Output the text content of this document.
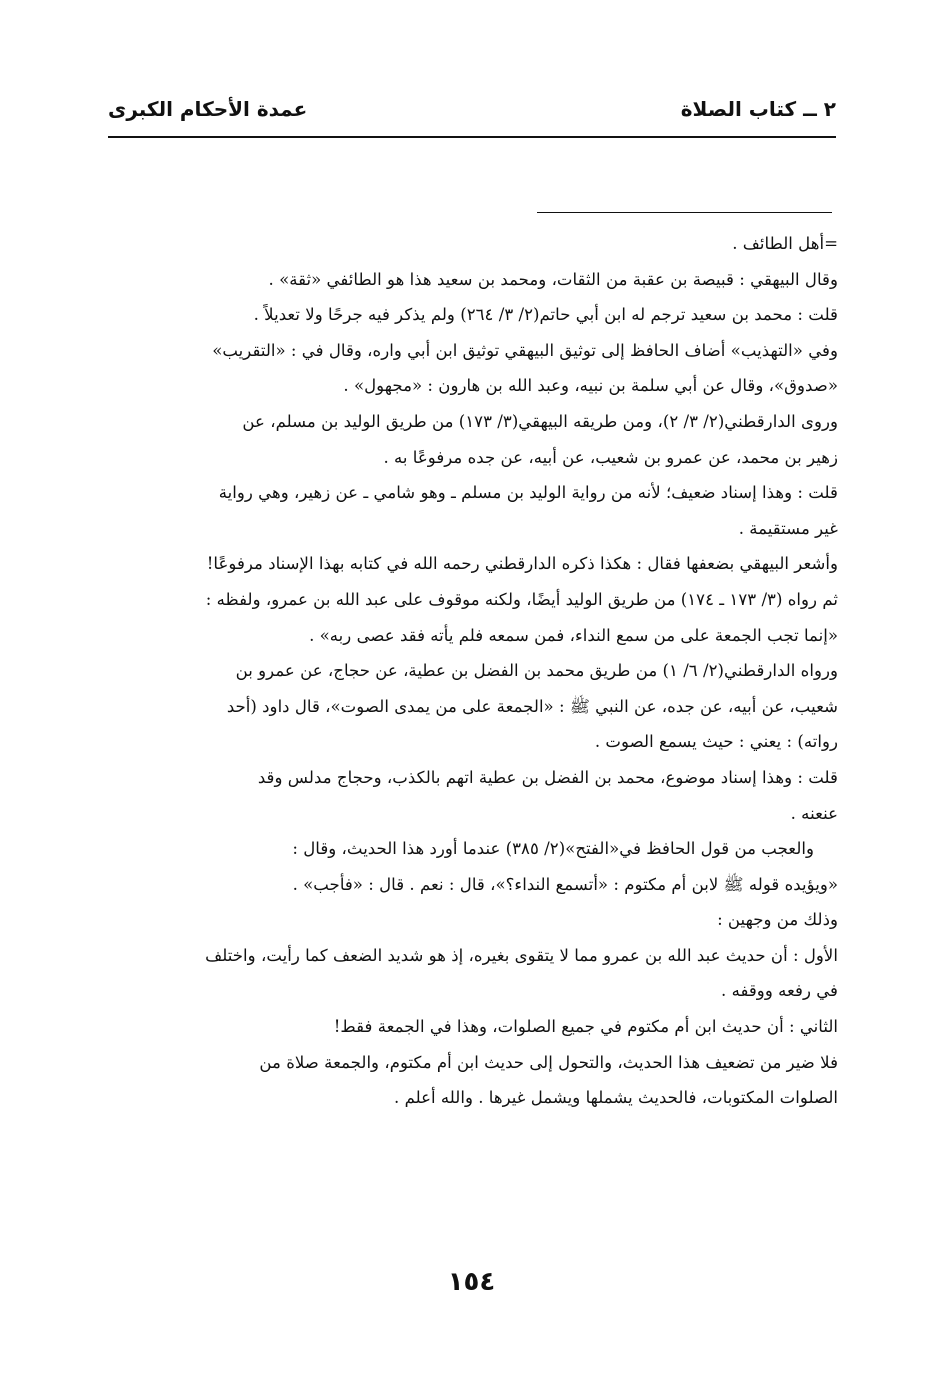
٢ ــ كتاب الصلاة
عمدة الأحكام الكبرى
=أهل الطائف .
وقال البيهقي : قبيصة بن عقبة من الثقات، ومحمد بن سعيد هذا هو الطائفي «ثقة» .
قلت : محمد بن سعيد ترجم له ابن أبي حاتم(٢/ ٣/ ٢٦٤) ولم يذكر فيه جرحًا ولا تعديلاً .
وفي «التهذيب» أضاف الحافظ إلى توثيق البيهقي توثيق ابن أبي واره، وقال في : «التقريب»
«صدوق»، وقال عن أبي سلمة بن نبيه، وعبد الله بن هارون : «مجهول» .
وروى الدارقطني(٢/ ٣/ ٢)، ومن طريقه البيهقي(٣/ ١٧٣) من طريق الوليد بن مسلم، عن
زهير بن محمد، عن عمرو بن شعيب، عن أبيه، عن جده مرفوعًا به .
قلت : وهذا إسناد ضعيف؛ لأنه من رواية الوليد بن مسلم ـ وهو شامي ـ عن زهير، وهي رواية
غير مستقيمة .
وأشعر البيهقي بضعفها فقال : هكذا ذكره الدارقطني رحمه الله في كتابه بهذا الإسناد مرفوعًا!
ثم رواه (٣/ ١٧٣ ـ ١٧٤) من طريق الوليد أيضًا، ولكنه موقوف على عبد الله بن عمرو، ولفظه :
«إنما تجب الجمعة على من سمع النداء، فمن سمعه فلم يأته فقد عصى ربه» .
ورواه الدارقطني(٢/ ٦/ ١) من طريق محمد بن الفضل بن عطية، عن حجاج، عن عمرو بن
شعيب، عن أبيه، عن جده، عن النبي ﷺ : «الجمعة على من يمدى الصوت»، قال داود (أحد
رواته) : يعني : حيث يسمع الصوت .
قلت : وهذا إسناد موضوع، محمد بن الفضل بن عطية اتهم بالكذب، وحجاج مدلس وقد
عنعنه .
والعجب من قول الحافظ في«الفتح»(٢/ ٣٨٥) عندما أورد هذا الحديث، وقال :
«ويؤيده قوله ﷺ لابن أم مكتوم : «أتسمع النداء؟»، قال : نعم . قال : «فأجب» .
وذلك من وجهين :
الأول : أن حديث عبد الله بن عمرو مما لا يتقوى بغيره، إذ هو شديد الضعف كما رأيت، واختلف
في رفعه ووقفه .
الثاني : أن حديث ابن أم مكتوم في جميع الصلوات، وهذا في الجمعة فقط!
فلا ضير من تضعيف هذا الحديث، والتحول إلى حديث ابن أم مكتوم، والجمعة صلاة من
الصلوات المكتوبات، فالحديث يشملها ويشمل غيرها . والله أعلم .
١٥٤
